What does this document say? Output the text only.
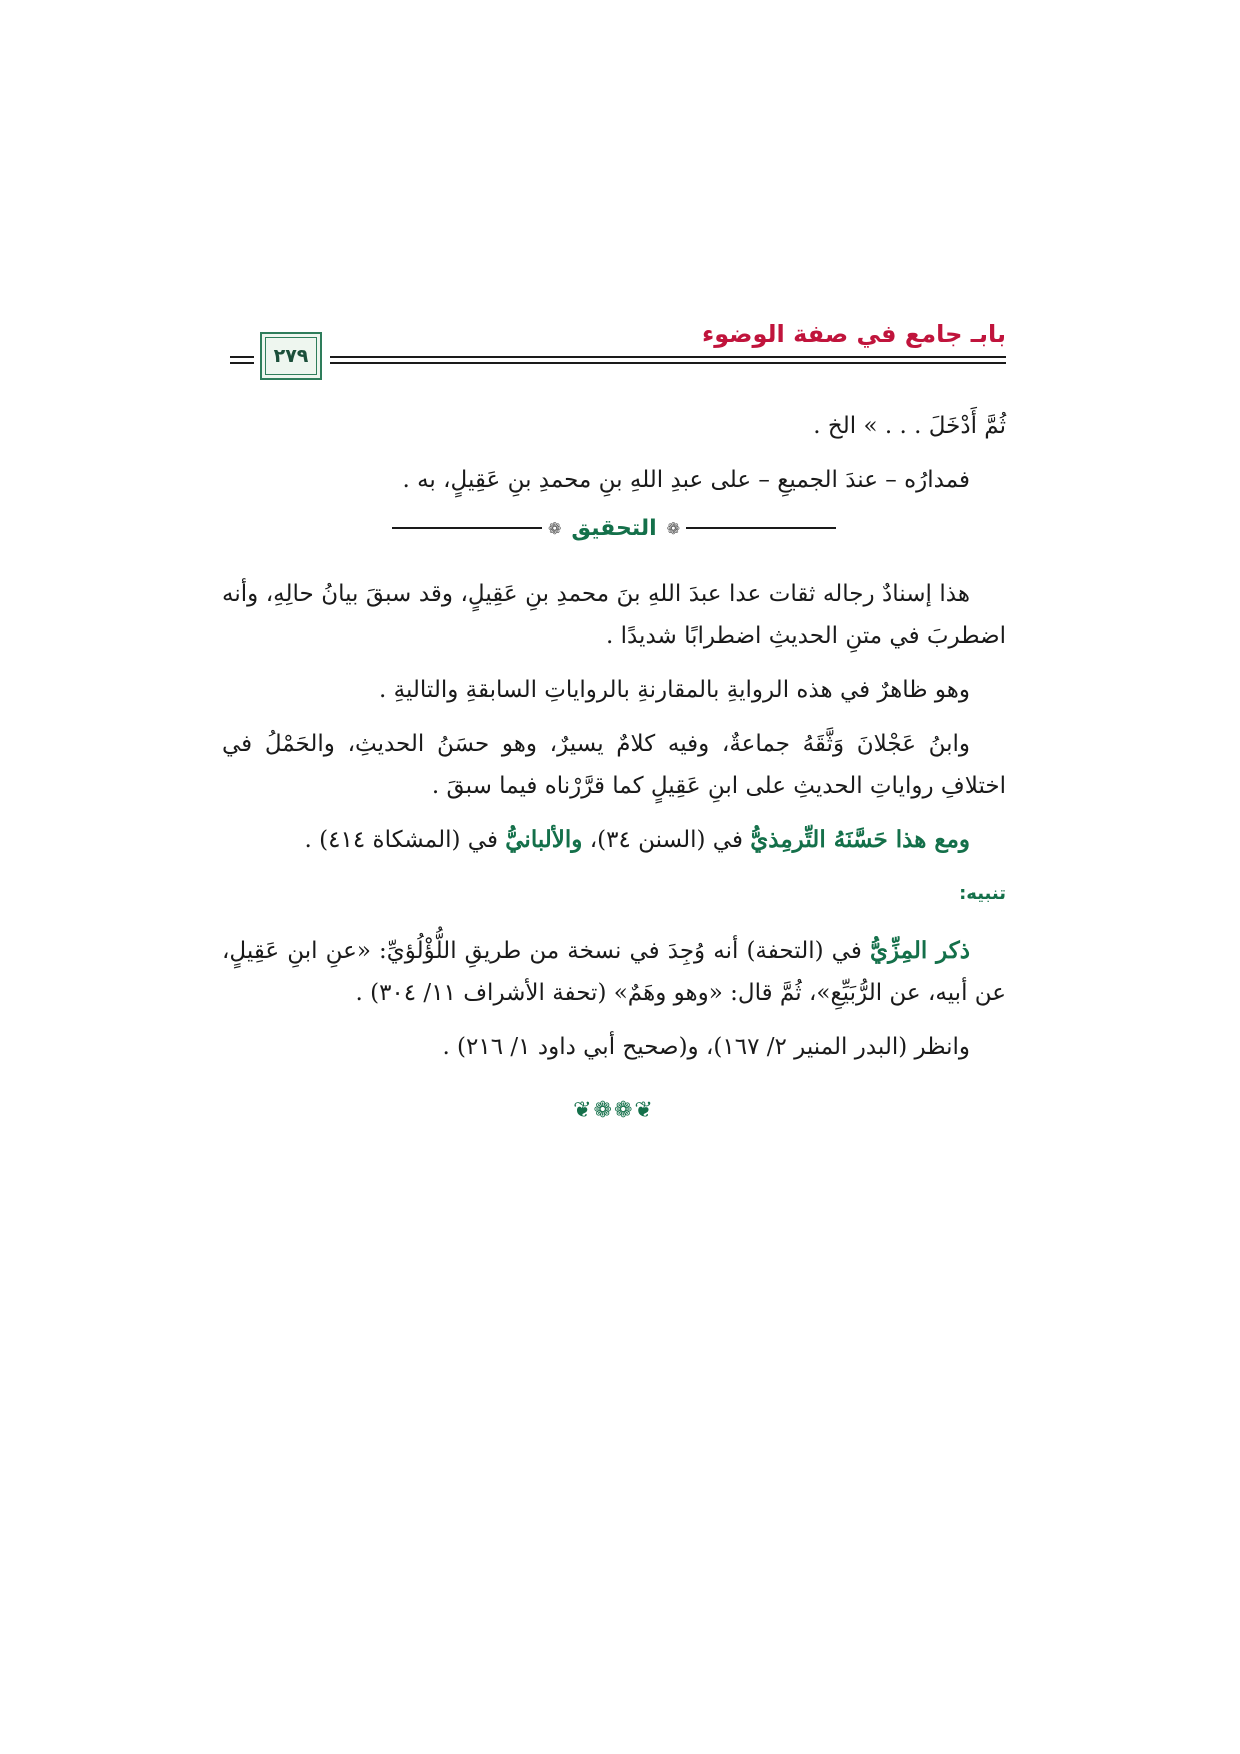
بابـ جامع في صفة الوضوء
٢٧٩

ثُمَّ أَدْخَلَ . . . » الخ .

فمدارُه – عندَ الجميعِ – على عبدِ اللهِ بنِ محمدِ بنِ عَقِيلٍ، به .

❁
التحقيق
❁

هذا إسنادٌ رجاله ثقات عدا عبدَ اللهِ بنَ محمدِ بنِ عَقِيلٍ، وقد سبقَ بيانُ حالِهِ، وأنه اضطربَ في متنِ الحديثِ اضطرابًا شديدًا .

وهو ظاهرٌ في هذه الروايةِ بالمقارنةِ بالرواياتِ السابقةِ والتاليةِ .

وابنُ عَجْلانَ وَثَّقَهُ جماعةٌ، وفيه كلامٌ يسيرٌ، وهو حسَنُ الحديثِ، والحَمْلُ في اختلافِ رواياتِ الحديثِ على ابنِ عَقِيلٍ كما قرَّرْناه فيما سبقَ .

ومع هذا حَسَّنَهُ التِّرمِذيُّ في (السنن ٣٤)، والألبانيُّ في (المشكاة ٤١٤) .

تنبيه:

ذكر المِزِّيُّ في (التحفة) أنه وُجِدَ في نسخة من طريقِ اللُّؤْلُؤيِّ: «عنِ ابنِ عَقِيلٍ، عن أبيه، عن الرُّبَيِّعِ»، ثُمَّ قال: «وهو وهَمٌ» (تحفة الأشراف ١١/ ٣٠٤) .

وانظر (البدر المنير ٢/ ١٦٧)، و(صحيح أبي داود ١/ ٢١٦) .

❦❁❁❦
